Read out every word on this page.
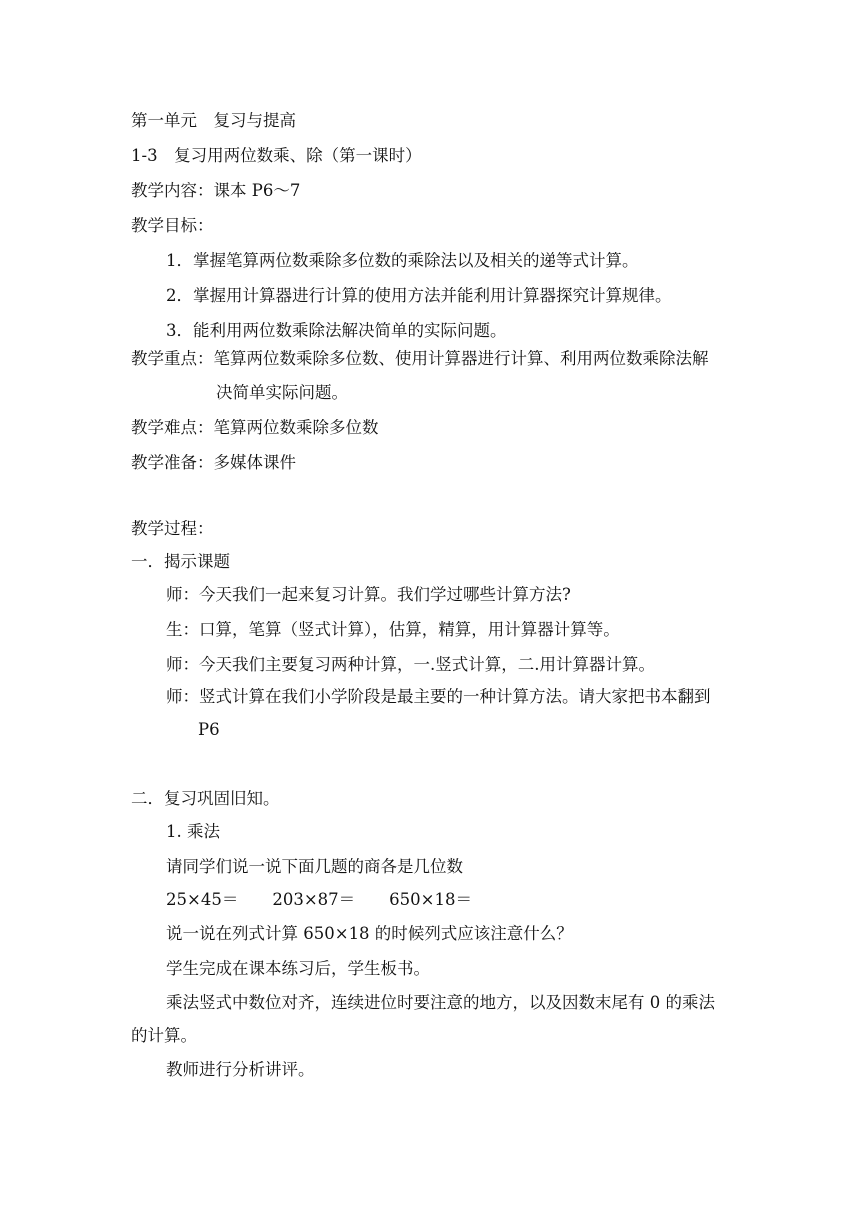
第一单元　复习与提高
1-3　复习用两位数乘、除（第一课时）
教学内容：课本 P6～7
教学目标：
1．掌握笔算两位数乘除多位数的乘除法以及相关的递等式计算。
2．掌握用计算器进行计算的使用方法并能利用计算器探究计算规律。
3．能利用两位数乘除法解决简单的实际问题。
教学重点：笔算两位数乘除多位数、使用计算器进行计算、利用两位数乘除法解
决简单实际问题。
教学难点：笔算两位数乘除多位数
教学准备：多媒体课件
教学过程：
一．揭示课题
师：今天我们一起来复习计算。我们学过哪些计算方法?
生：口算，笔算（竖式计算），估算，精算，用计算器计算等。
师：今天我们主要复习两种计算，一.竖式计算，二.用计算器计算。
师：竖式计算在我们小学阶段是最主要的一种计算方法。请大家把书本翻到
P6
二．复习巩固旧知。
1. 乘法
请同学们说一说下面几题的商各是几位数
25×45＝ 203×87＝ 650×18＝
说一说在列式计算 650×18 的时候列式应该注意什么？
学生完成在课本练习后，学生板书。
乘法竖式中数位对齐，连续进位时要注意的地方，以及因数末尾有 0 的乘法
的计算。
教师进行分析讲评。
